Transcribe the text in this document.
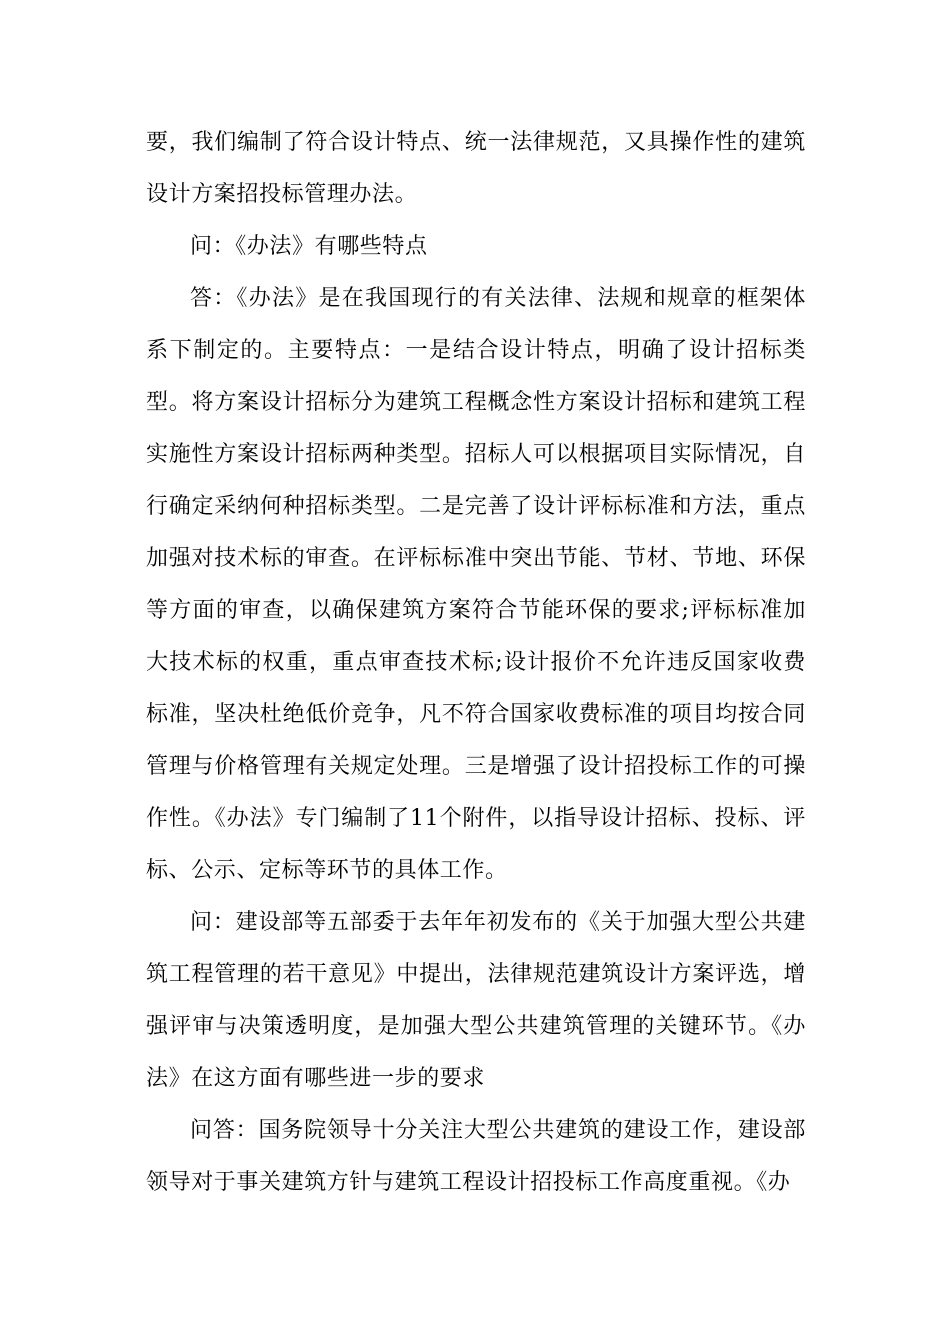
要，我们编制了符合设计特点、统一法律规范，又具操作性的建筑设计方案招投标管理办法。

问：《办法》有哪些特点

答：《办法》是在我国现行的有关法律、法规和规章的框架体系下制定的。主要特点：一是结合设计特点，明确了设计招标类型。将方案设计招标分为建筑工程概念性方案设计招标和建筑工程实施性方案设计招标两种类型。招标人可以根据项目实际情况，自行确定采纳何种招标类型。二是完善了设计评标标准和方法，重点加强对技术标的审查。在评标标准中突出节能、节材、节地、环保等方面的审查，以确保建筑方案符合节能环保的要求;评标标准加大技术标的权重，重点审查技术标;设计报价不允许违反国家收费标准，坚决杜绝低价竞争，凡不符合国家收费标准的项目均按合同管理与价格管理有关规定处理。三是增强了设计招投标工作的可操作性。《办法》专门编制了11个附件，以指导设计招标、投标、评标、公示、定标等环节的具体工作。

问：建设部等五部委于去年年初发布的《关于加强大型公共建筑工程管理的若干意见》中提出，法律规范建筑设计方案评选，增强评审与决策透明度，是加强大型公共建筑管理的关键环节。《办法》在这方面有哪些进一步的要求

问答：国务院领导十分关注大型公共建筑的建设工作，建设部领导对于事关建筑方针与建筑工程设计招投标工作高度重视。《办
